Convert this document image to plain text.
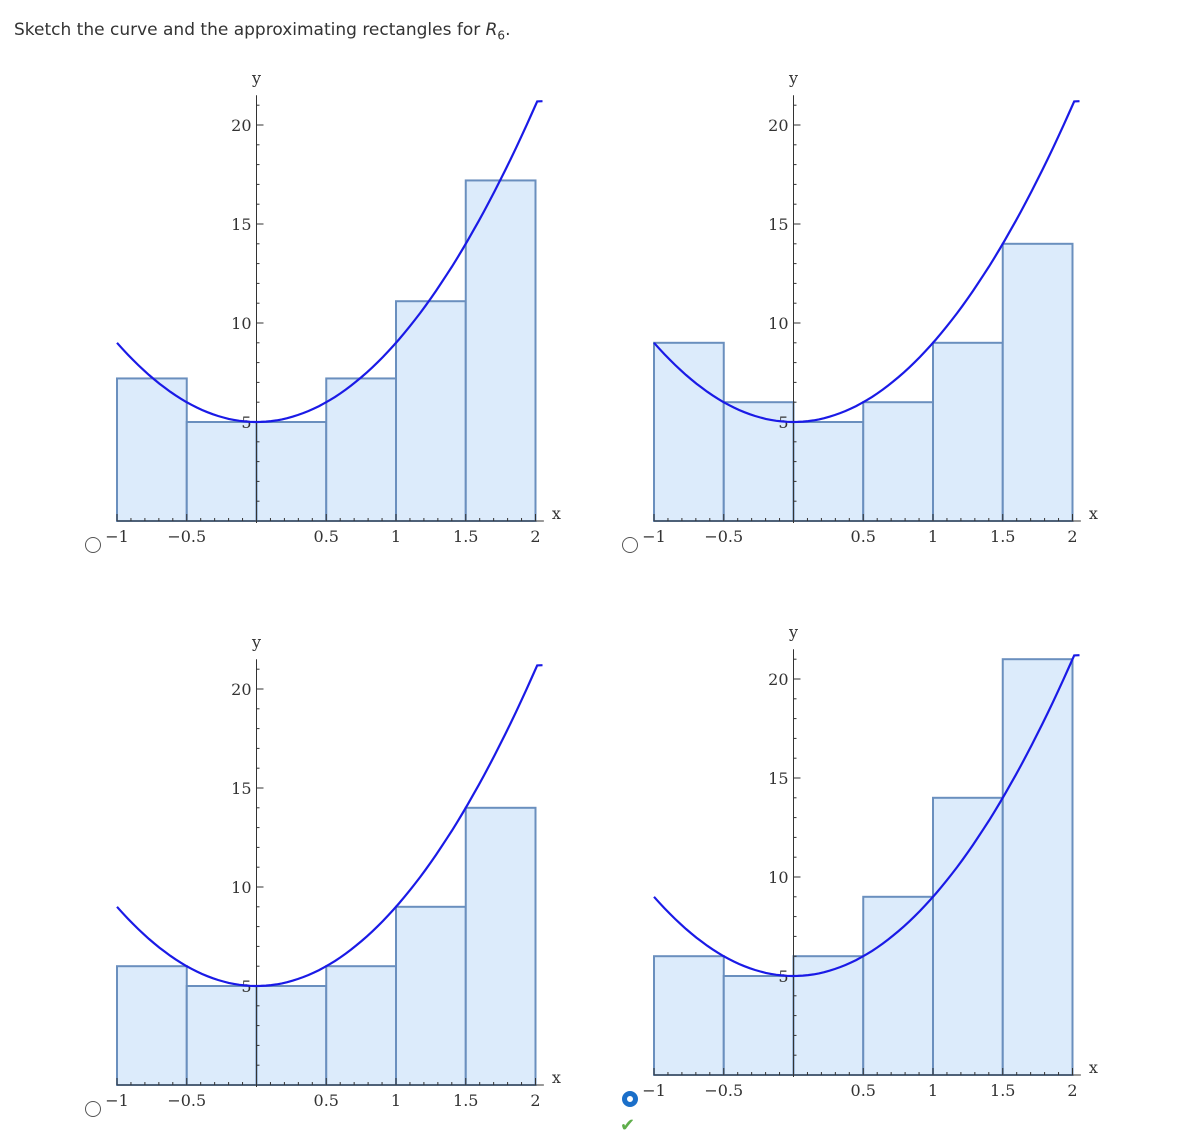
Sketch the curve and the approximating rectangles for $R_6$.
−1 −0.5	0.5	1	1.5	2
5
10
15
20
x
y
−1 −0.5	0.5	1	1.5	2
5
10
15
20
x
y
−1 −0.5	0.5	1	1.5	2
5
10
15
20
x
y
✔
−1 −0.5	0.5	1	1.5	2
5
10
15
20
x
y
